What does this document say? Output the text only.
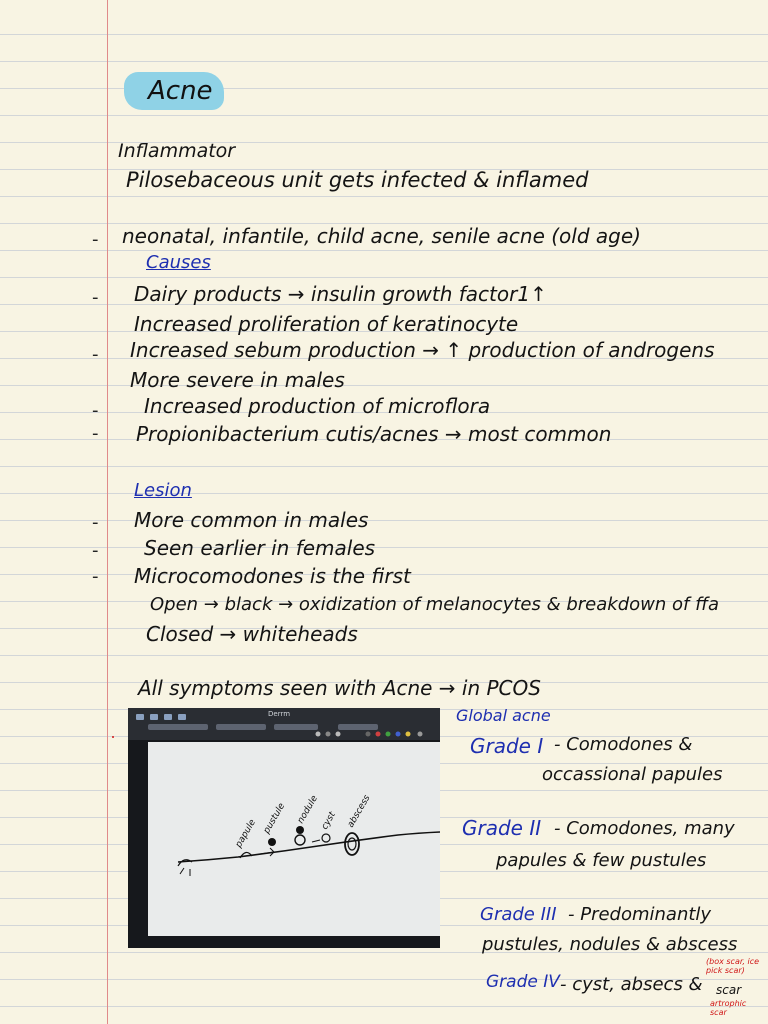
Acne
Inflammator
Pilosebaceous unit gets infected & inflamed
- neonatal, infantile, child acne, senile acne (old age)
Causes
- Dairy products → insulin growth factor1↑
Increased proliferation of keratinocyte
- Increased sebum production → ↑ production of androgens
More severe in males
- Increased production of microflora
- Propionibacterium cutis/acnes → most common
Lesion
- More common in males
- Seen earlier in females
- Microcomodones is the first
Open → black → oxidization of melanocytes & breakdown of ffa
Closed → whiteheads
All symptoms seen with Acne → in PCOS
Derrm
papule pustule nodule cyst abscess
Global acne
Grade I - Comodones &
occassional papules
Grade II - Comodones, many
papules & few pustules
Grade III - Predominantly
pustules, nodules & abscess
Grade IV - cyst, absecs & scar
(box scar, ice pick scar)
artrophic scar
